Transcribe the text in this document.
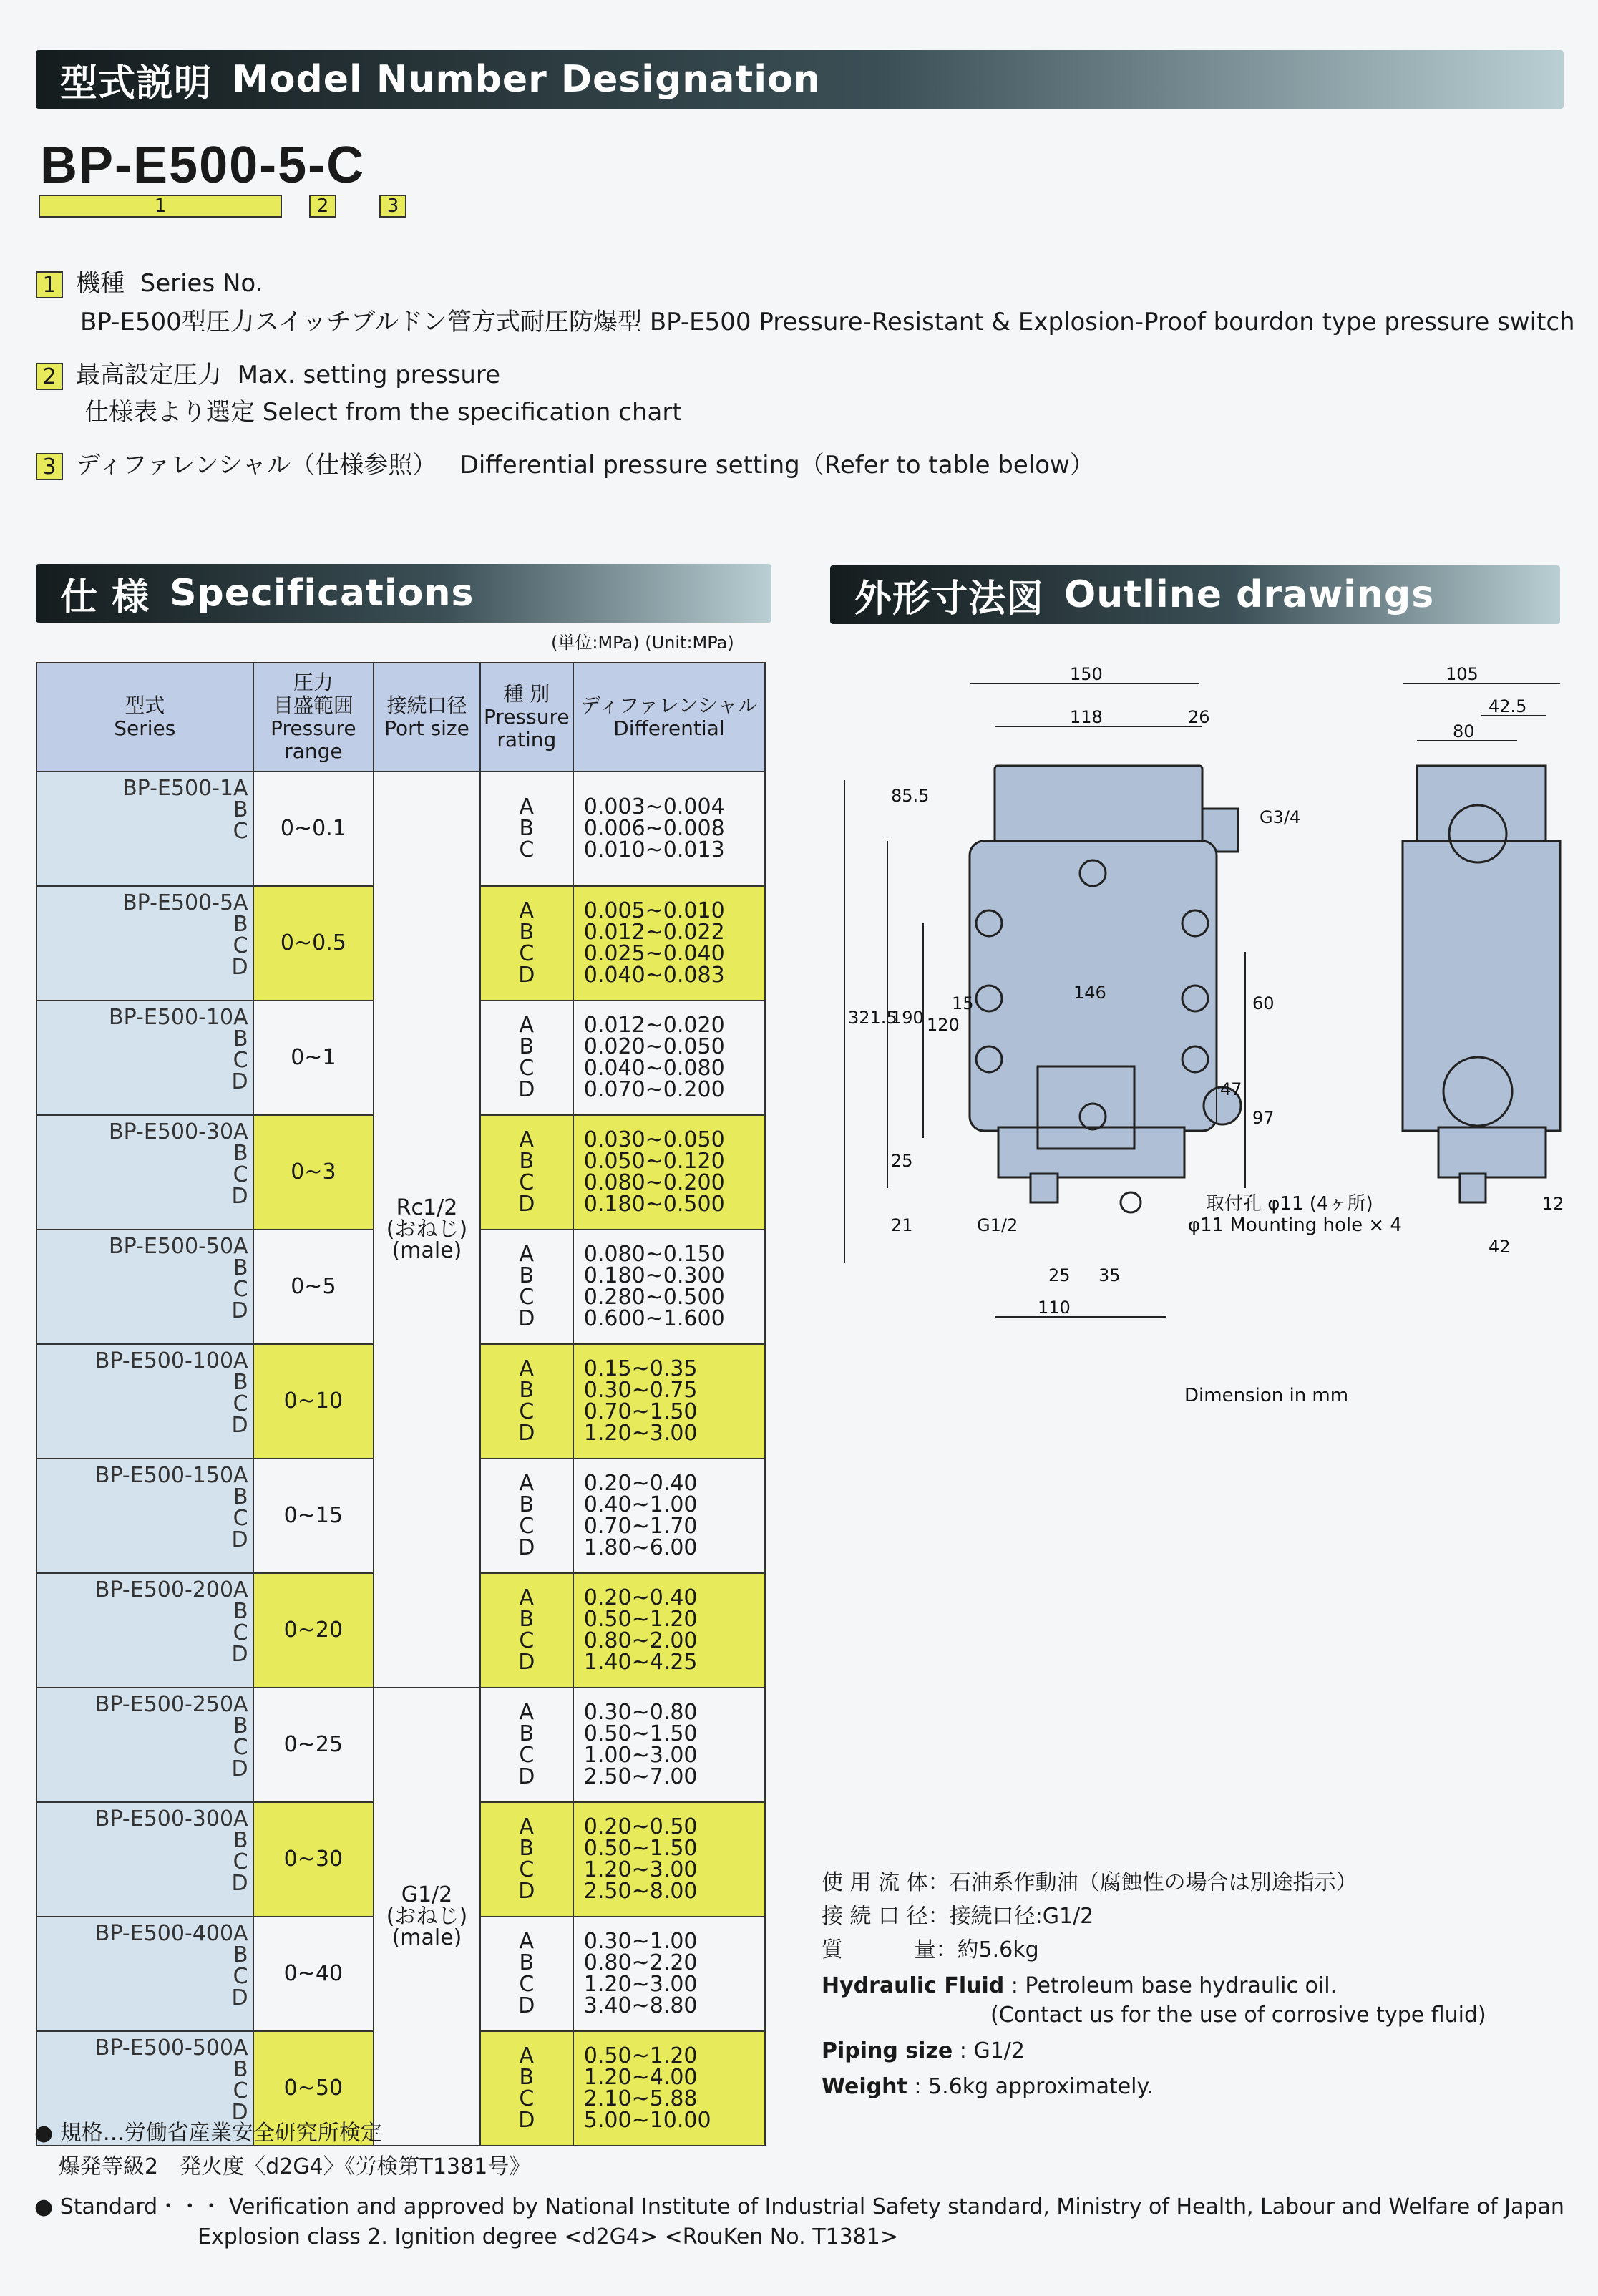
型式説明 Model Number Designation
BP-E500-5-C
1	2	3
1 機種 Series No.
BP-E500型圧力スイッチブルドン管方式耐圧防爆型 BP-E500 Pressure-Resistant & Explosion-Proof bourdon type pressure switch
2 最高設定圧力 Max. setting pressure
仕様表より選定 Select from the specification chart
3 ディファレンシャル（仕様参照） Differential pressure setting（Refer to table below）
仕 様 Specifications	外形寸法図 Outline drawings
(単位:MPa) (Unit:MPa)
型式
Series	圧力
目盛範囲
Pressure
range	接続口径
Port size	種 別
Pressure
rating	ディファレンシャル
Differential
BP-E500-1A
B
C	0~0.1	Rc1/2
(おねじ)
(male)	A
B
C	0.003~0.004
0.006~0.008
0.010~0.013
BP-E500-5A
B
C
D	0~0.5		A
B
C
D	0.005~0.010
0.012~0.022
0.025~0.040
0.040~0.083
BP-E500-10A
B
C
D	0~1		A
B
C
D	0.012~0.020
0.020~0.050
0.040~0.080
0.070~0.200
BP-E500-30A
B
C
D	0~3		A
B
C
D	0.030~0.050
0.050~0.120
0.080~0.200
0.180~0.500
BP-E500-50A
B
C
D	0~5		A
B
C
D	0.080~0.150
0.180~0.300
0.280~0.500
0.600~1.600
BP-E500-100A
B
C
D	0~10		A
B
C
D	0.15~0.35
0.30~0.75
0.70~1.50
1.20~3.00
BP-E500-150A
B
C
D	0~15		A
B
C
D	0.20~0.40
0.40~1.00
0.70~1.70
1.80~6.00
BP-E500-200A
B
C
D	0~20		A
B
C
D	0.20~0.40
0.50~1.20
0.80~2.00
1.40~4.25
BP-E500-250A
B
C
D	0~25	G1/2
(おねじ)
(male)	A
B
C
D	0.30~0.80
0.50~1.50
1.00~3.00
2.50~7.00
BP-E500-300A
B
C
D	0~30		A
B
C
D	0.20~0.50
0.50~1.50
1.20~3.00
2.50~8.00
BP-E500-400A
B
C
D	0~40		A
B
C
D	0.30~1.00
0.80~2.20
1.20~3.00
3.40~8.80
BP-E500-500A
B
C
D	0~50		A
B
C
D	0.50~1.20
1.20~4.00
2.10~5.88
5.00~10.00
150
118	26
105
42.5
80
G3/4
85.5
321.5
190 120
15
146
60
47
97
25
21	G1/2
25 35
110
12
42
取付孔 φ11 (4ヶ所)
φ11 Mounting hole × 4
Dimension in mm
使 用 流 体：石油系作動油（腐蝕性の場合は別途指示）
接 続 口 径：接続口径:G1/2
質　　　 量：約5.6kg
Hydraulic Fluid : Petroleum base hydraulic oil.
(Contact us for the use of corrosive type fluid)
Piping size : G1/2
Weight : 5.6kg approximately.
● 規格…労働省産業安全研究所検定
爆発等級2　発火度〈d2G4〉《労検第T1381号》
● Standard・・・ Verification and approved by National Institute of Industrial Safety standard, Ministry of Health, Labour and Welfare of Japan
Explosion class 2. Ignition degree <d2G4> <RouKen No. T1381>
